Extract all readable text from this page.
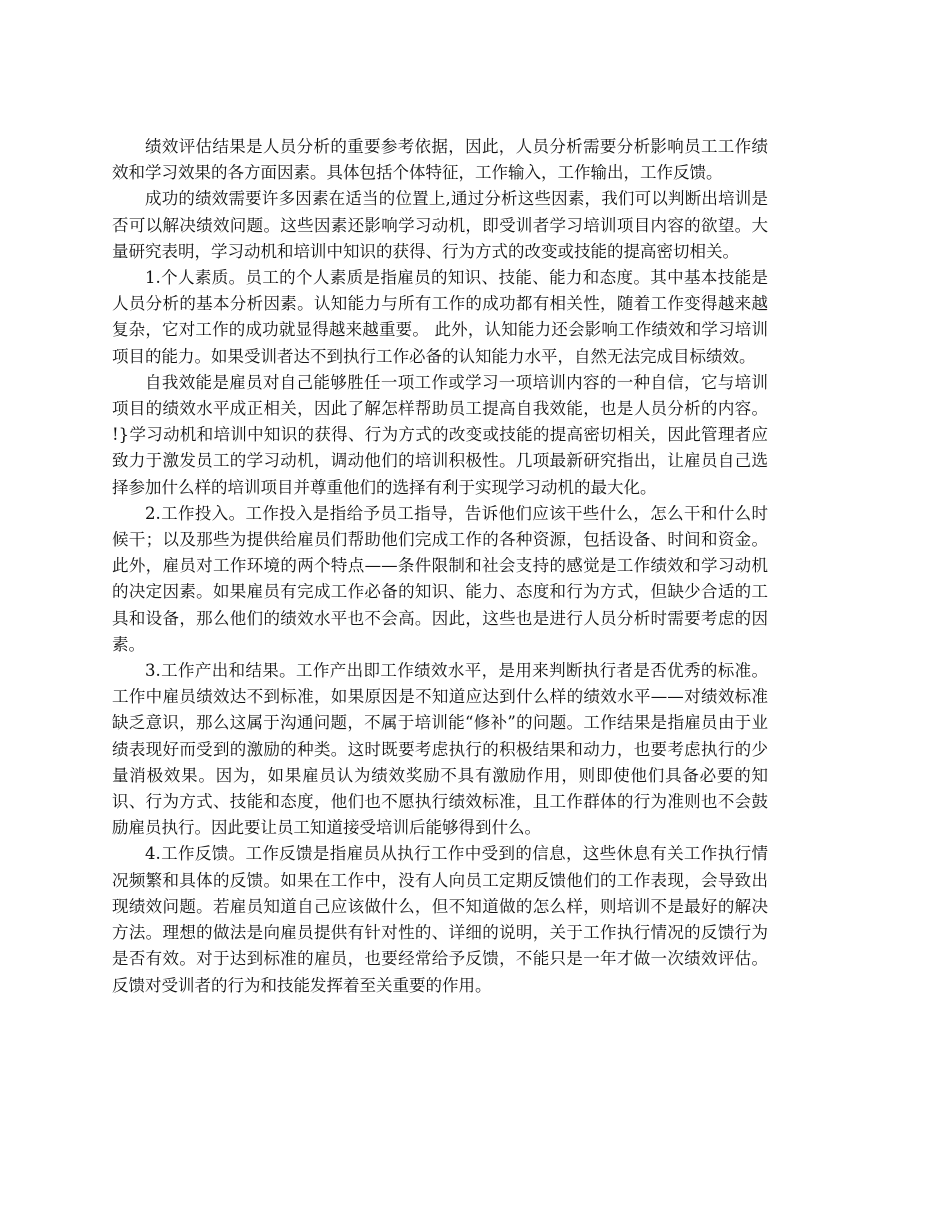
绩效评估结果是人员分析的重要参考依据，因此，人员分析需要分析影响员工工作绩效和学习效果的各方面因素。具体包括个体特征，工作输入，工作输出，工作反馈。

成功的绩效需要许多因素在适当的位置上,通过分析这些因素，我们可以判断出培训是否可以解决绩效问题。这些因素还影响学习动机，即受训者学习培训项目内容的欲望。大量研究表明，学习动机和培训中知识的获得、行为方式的改变或技能的提高密切相关。

1.个人素质。员工的个人素质是指雇员的知识、技能、能力和态度。其中基本技能是人员分析的基本分析因素。认知能力与所有工作的成功都有相关性，随着工作变得越来越复杂，它对工作的成功就显得越来越重要。 此外，认知能力还会影响工作绩效和学习培训项目的能力。如果受训者达不到执行工作必备的认知能力水平，自然无法完成目标绩效。

自我效能是雇员对自己能够胜任一项工作或学习一项培训内容的一种自信，它与培训项目的绩效水平成正相关，因此了解怎样帮助员工提高自我效能，也是人员分析的内容。 !}学习动机和培训中知识的获得、行为方式的改变或技能的提高密切相关，因此管理者应致力于激发员工的学习动机，调动他们的培训积极性。几项最新研究指出，让雇员自己选择参加什么样的培训项目并尊重他们的选择有利于实现学习动机的最大化。

2.工作投入。工作投入是指给予员工指导，告诉他们应该干些什么，怎么干和什么时候干；以及那些为提供给雇员们帮助他们完成工作的各种资源，包括设备、时间和资金。此外，雇员对工作环境的两个特点——条件限制和社会支持的感觉是工作绩效和学习动机的决定因素。如果雇员有完成工作必备的知识、能力、态度和行为方式，但缺少合适的工具和设备，那么他们的绩效水平也不会高。因此，这些也是进行人员分析时需要考虑的因素。

3.工作产出和结果。工作产出即工作绩效水平，是用来判断执行者是否优秀的标准。工作中雇员绩效达不到标准，如果原因是不知道应达到什么样的绩效水平——对绩效标准缺乏意识，那么这属于沟通问题，不属于培训能“修补”的问题。工作结果是指雇员由于业绩表现好而受到的激励的种类。这时既要考虑执行的积极结果和动力，也要考虑执行的少量消极效果。因为，如果雇员认为绩效奖励不具有激励作用，则即使他们具备必要的知识、行为方式、技能和态度，他们也不愿执行绩效标准，且工作群体的行为准则也不会鼓励雇员执行。因此要让员工知道接受培训后能够得到什么。

4.工作反馈。工作反馈是指雇员从执行工作中受到的信息，这些休息有关工作执行情况频繁和具体的反馈。如果在工作中，没有人向员工定期反馈他们的工作表现，会导致出现绩效问题。若雇员知道自己应该做什么，但不知道做的怎么样，则培训不是最好的解决方法。理想的做法是向雇员提供有针对性的、详细的说明，关于工作执行情况的反馈行为是否有效。对于达到标准的雇员，也要经常给予反馈，不能只是一年才做一次绩效评估。反馈对受训者的行为和技能发挥着至关重要的作用。
